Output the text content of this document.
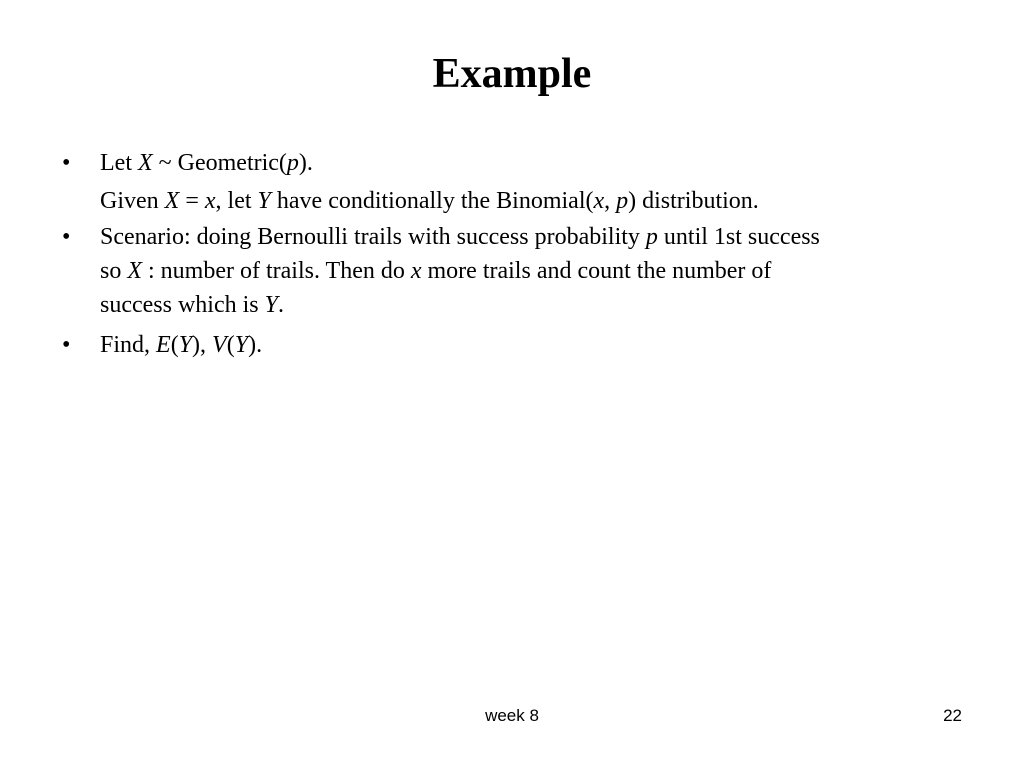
Example

• Let X ~ Geometric(p).

Given X = x, let Y have conditionally the Binomial(x, p) distribution.

• Scenario: doing Bernoulli trails with success probability p until 1st success
so X : number of trails. Then do x more trails and count the number of
success which is Y.

• Find, E(Y), V(Y).

week 8	22
